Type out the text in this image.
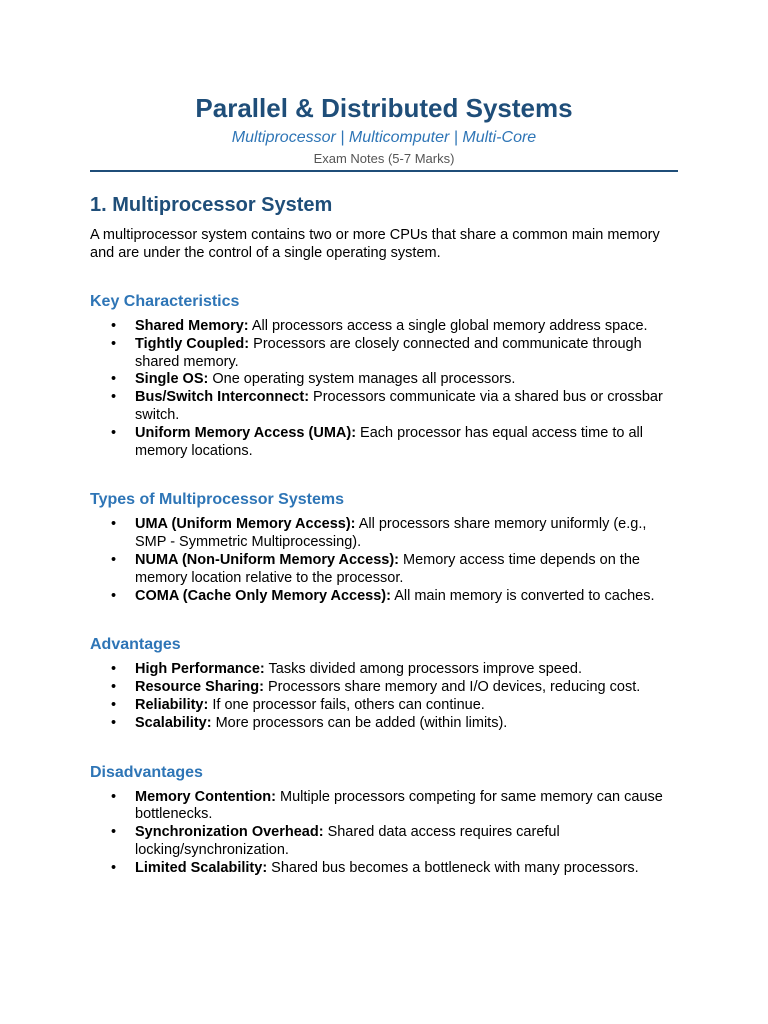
Parallel & Distributed Systems
Multiprocessor | Multicomputer | Multi-Core
Exam Notes (5-7 Marks)
1. Multiprocessor System
A multiprocessor system contains two or more CPUs that share a common main memory and are under the control of a single operating system.
Key Characteristics
• Shared Memory: All processors access a single global memory address space.
• Tightly Coupled: Processors are closely connected and communicate through shared memory.
• Single OS: One operating system manages all processors.
• Bus/Switch Interconnect: Processors communicate via a shared bus or crossbar switch.
• Uniform Memory Access (UMA): Each processor has equal access time to all memory locations.
Types of Multiprocessor Systems
• UMA (Uniform Memory Access): All processors share memory uniformly (e.g., SMP - Symmetric Multiprocessing).
• NUMA (Non-Uniform Memory Access): Memory access time depends on the memory location relative to the processor.
• COMA (Cache Only Memory Access): All main memory is converted to caches.
Advantages
• High Performance: Tasks divided among processors improve speed.
• Resource Sharing: Processors share memory and I/O devices, reducing cost.
• Reliability: If one processor fails, others can continue.
• Scalability: More processors can be added (within limits).
Disadvantages
• Memory Contention: Multiple processors competing for same memory can cause bottlenecks.
• Synchronization Overhead: Shared data access requires careful locking/synchronization.
• Limited Scalability: Shared bus becomes a bottleneck with many processors.
